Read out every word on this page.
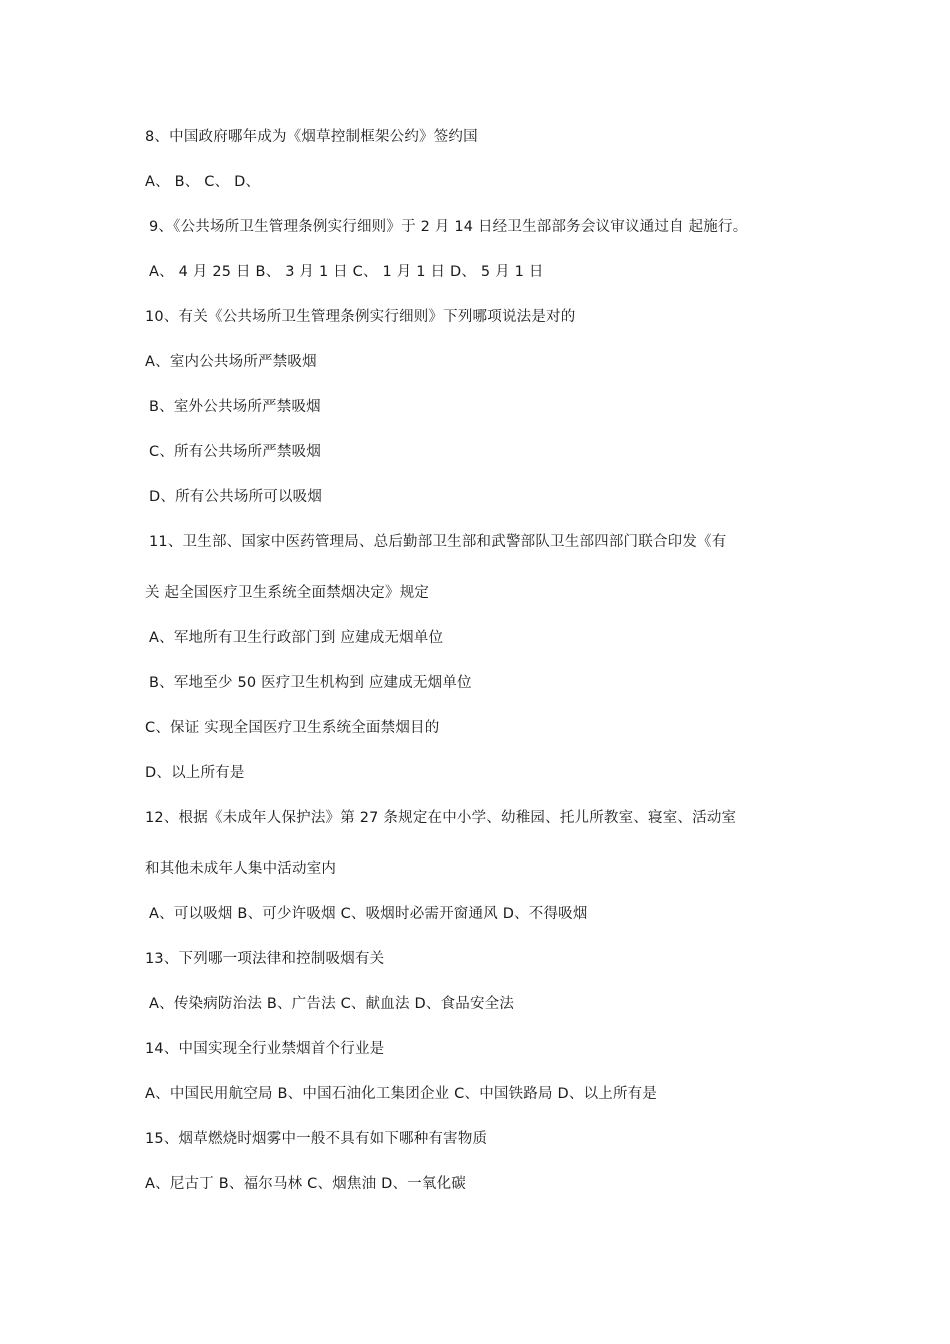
8、中国政府哪年成为《烟草控制框架公约》签约国
A、 B、 C、 D、
9、《公共场所卫生管理条例实行细则》于 2 月 14 日经卫生部部务会议审议通过自 起施行。
A、 4 月 25 日 B、 3 月 1 日 C、 1 月 1 日 D、 5 月 1 日
10、有关《公共场所卫生管理条例实行细则》下列哪项说法是对的
A、室内公共场所严禁吸烟
B、室外公共场所严禁吸烟
C、所有公共场所严禁吸烟
D、所有公共场所可以吸烟
11、卫生部、国家中医药管理局、总后勤部卫生部和武警部队卫生部四部门联合印发《有
关 起全国医疗卫生系统全面禁烟决定》规定
A、军地所有卫生行政部门到 应建成无烟单位
B、军地至少 50 医疗卫生机构到 应建成无烟单位
C、保证 实现全国医疗卫生系统全面禁烟目的
D、以上所有是
12、根据《未成年人保护法》第 27 条规定在中小学、幼稚园、托儿所教室、寝室、活动室
和其他未成年人集中活动室内
A、可以吸烟 B、可少许吸烟 C、吸烟时必需开窗通风 D、不得吸烟
13、下列哪一项法律和控制吸烟有关
A、传染病防治法 B、广告法 C、献血法 D、食品安全法
14、中国实现全行业禁烟首个行业是
A、中国民用航空局 B、中国石油化工集团企业 C、中国铁路局 D、以上所有是
15、烟草燃烧时烟雾中一般不具有如下哪种有害物质
A、尼古丁 B、福尔马林 C、烟焦油 D、一氧化碳
